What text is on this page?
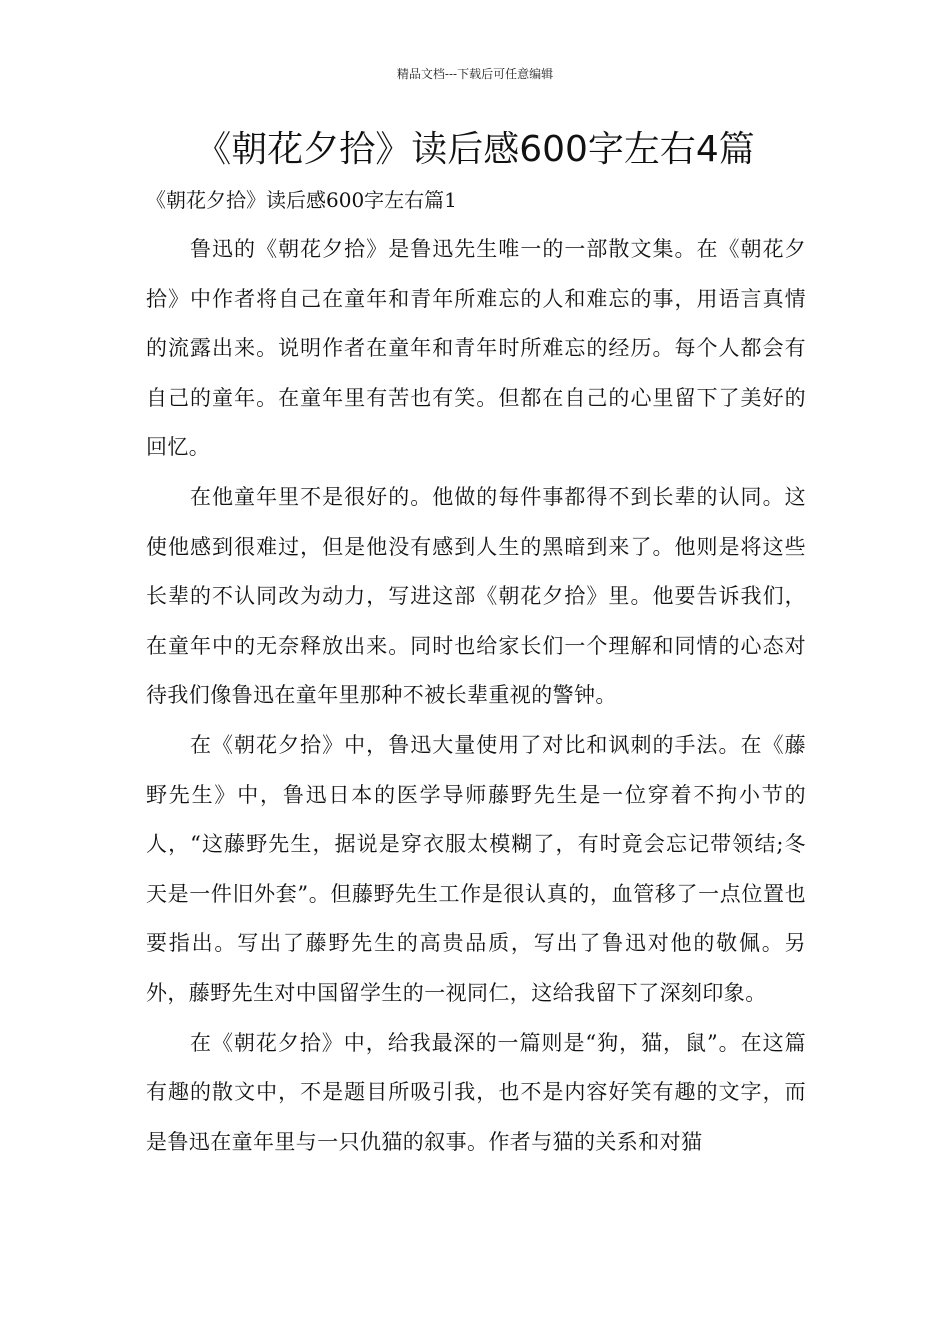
精品文档---下载后可任意编辑
《朝花夕拾》读后感600字左右4篇
《朝花夕拾》读后感600字左右篇1

鲁迅的《朝花夕拾》是鲁迅先生唯一的一部散文集。在《朝花夕拾》中作者将自己在童年和青年所难忘的人和难忘的事，用语言真情的流露出来。说明作者在童年和青年时所难忘的经历。每个人都会有自己的童年。在童年里有苦也有笑。但都在自己的心里留下了美好的回忆。

在他童年里不是很好的。他做的每件事都得不到长辈的认同。这使他感到很难过，但是他没有感到人生的黑暗到来了。他则是将这些长辈的不认同改为动力，写进这部《朝花夕拾》里。他要告诉我们，在童年中的无奈释放出来。同时也给家长们一个理解和同情的心态对待我们像鲁迅在童年里那种不被长辈重视的警钟。

在《朝花夕拾》中，鲁迅大量使用了对比和讽刺的手法。在《藤野先生》中，鲁迅日本的医学导师藤野先生是一位穿着不拘小节的人，“这藤野先生，据说是穿衣服太模糊了，有时竟会忘记带领结;冬天是一件旧外套”。但藤野先生工作是很认真的，血管移了一点位置也要指出。写出了藤野先生的高贵品质，写出了鲁迅对他的敬佩。另外，藤野先生对中国留学生的一视同仁，这给我留下了深刻印象。

在《朝花夕拾》中，给我最深的一篇则是“狗，猫，鼠”。在这篇有趣的散文中，不是题目所吸引我，也不是内容好笑有趣的文字，而是鲁迅在童年里与一只仇猫的叙事。作者与猫的关系和对猫
